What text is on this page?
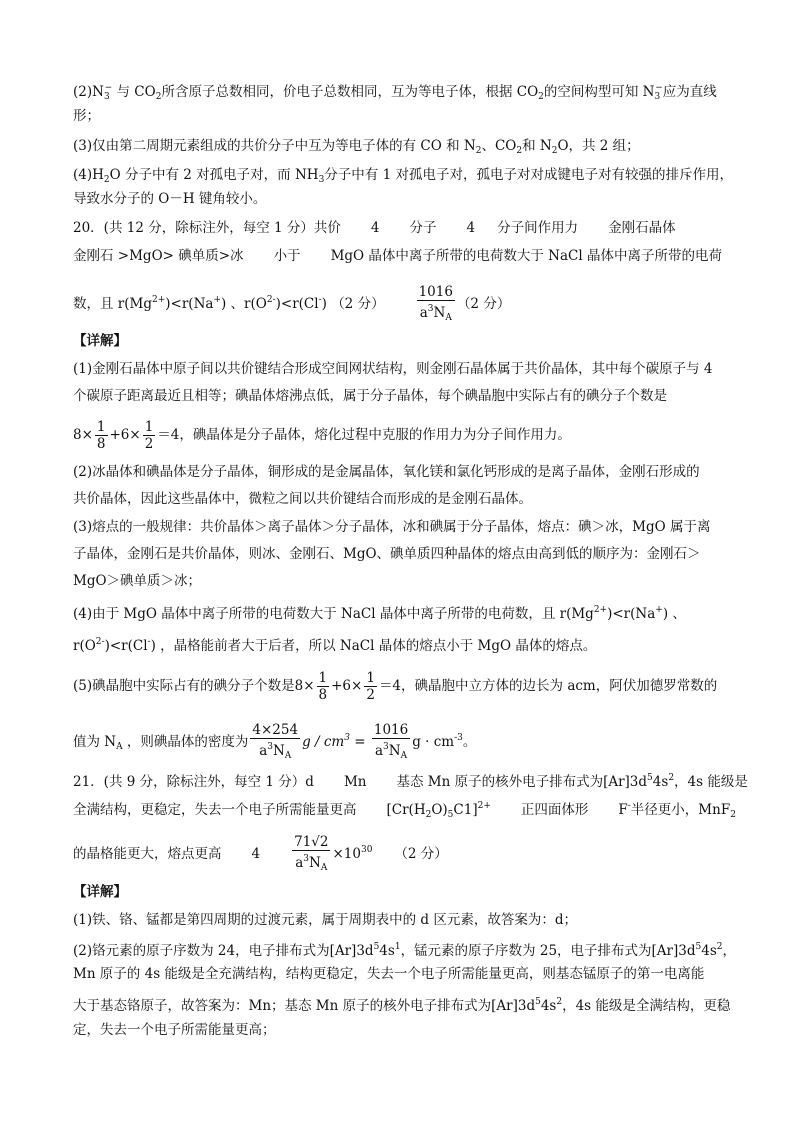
$(2)N_3^-$ 与 $CO_2$所含原子总数相同，价电子总数相同，互为等电子体，根据 $CO_2$的空间构型可知 $N_3^-$应为直线
形；
(3)仅由第二周期元素组成的共价分子中互为等电子体的有 CO 和 $N_2$、$CO_2$和 $N_2O$，共 2 组；
$(4)H_2O$ 分子中有 2 对孤电子对，而 $NH_3$分子中有 1 对孤电子对，孤电子对对成键电子对有较强的排斥作用，
导致水分子的 O－H 键角较小。
20．(共 12 分，除标注外，每空 1 分）共价 4 分子 4 分子间作用力 金刚石晶体
金刚石 >MgO> 碘单质>冰 小于 MgO 晶体中离子所带的电荷数大于 NaCl 晶体中离子所带的电荷
数，且 $r(Mg^{2+})<r(Na^+)$ 、$r(O^{2-})<r(Cl^-)$ （2 分） $\frac{1016}{a^3N_A} (2$ 分）
【详解】
(1)金刚石晶体中原子间以共价键结合形成空间网状结构，则金刚石晶体属于共价晶体，其中每个碳原子与 4
个碳原子距离最近且相等；碘晶体熔沸点低，属于分子晶体，每个碘晶胞中实际占有的碘分子个数是
$8\times \frac{1}{8} +6\times \frac{1}{2} =4$，碘晶体是分子晶体，熔化过程中克服的作用力为分子间作用力。
(2)冰晶体和碘晶体是分子晶体，铜形成的是金属晶体，氧化镁和氯化钙形成的是离子晶体，金刚石形成的
共价晶体，因此这些晶体中，微粒之间以共价键结合而形成的是金刚石晶体。
(3)熔点的一般规律：共价晶体＞离子晶体＞分子晶体，冰和碘属于分子晶体，熔点：碘＞冰，MgO 属于离
子晶体，金刚石是共价晶体，则冰、金刚石、MgO、碘单质四种晶体的熔点由高到低的顺序为：金刚石＞
MgO＞碘单质＞冰；
(4)由于 MgO 晶体中离子所带的电荷数大于 NaCl 晶体中离子所带的电荷数，且 $r(Mg^{2+})<r(Na^+)$ 、
$r(O^{2-})<r(Cl^-)$ ，晶格能前者大于后者，所以 NaCl 晶体的熔点小于 MgO 晶体的熔点。
(5)碘晶胞中实际占有的碘分子个数是$8\times \frac{1}{8} +6\times \frac{1}{2} =4$，碘晶胞中立方体的边长为 acm，阿伏加德罗常数的
值为 $N_A$ ，则碘晶体的密度为 $\frac{4\times 254}{a^3N_A}$ $g / cm^3 = \frac{1016}{a^3N_A}$ $g \cdot cm^{-3}$。
21．(共 9 分，除标注外，每空 1 分）d Mn 基态 Mn 原子的核外电子排布式为$[Ar]3d^54s^2$，4s 能级是
全满结构，更稳定，失去一个电子所需能量更高 $[Cr(H_2O)_5C1]^{2+}$ 正四面体形 F-半径更小，MnF$_2$
的晶格能更大，熔点更高 $4 \frac{71√2}{a^3N_A} \times 10^{30}$ （2 分）
【详解】
(1)铁、铬、锰都是第四周期的过渡元素，属于周期表中的 d 区元素，故答案为：d；
(2)铬元素的原子序数为 24，电子排布式为$[Ar]3d^54s^1$，锰元素的原子序数为 25，电子排布式为$[Ar]3d^54s^2$，
Mn 原子的 4s 能级是全充满结构，结构更稳定，失去一个电子所需能量更高，则基态锰原子的第一电离能
大于基态铬原子，故答案为：Mn；基态 Mn 原子的核外电子排布式为$[Ar]3d^54s^2$，4s 能级是全满结构，更稳
定，失去一个电子所需能量更高；
